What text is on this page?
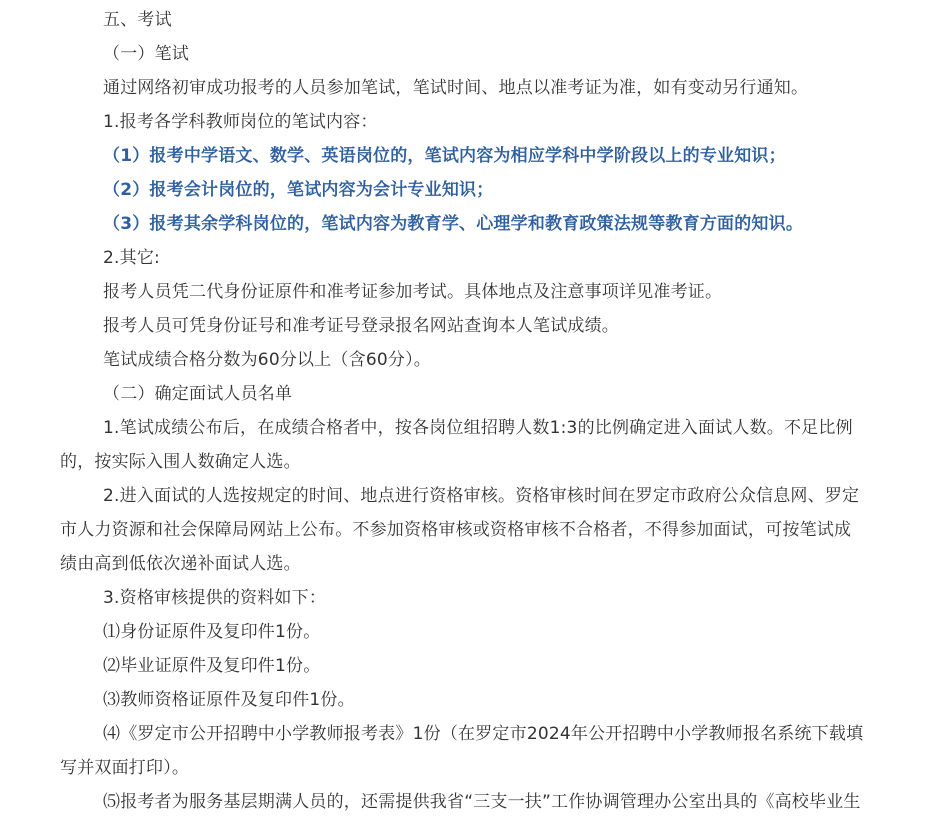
五、考试

（一）笔试

通过网络初审成功报考的人员参加笔试，笔试时间、地点以准考证为准，如有变动另行通知。

1.报考各学科教师岗位的笔试内容：

（1）报考中学语文、数学、英语岗位的，笔试内容为相应学科中学阶段以上的专业知识；

（2）报考会计岗位的，笔试内容为会计专业知识；

（3）报考其余学科岗位的，笔试内容为教育学、心理学和教育政策法规等教育方面的知识。

2.其它:

报考人员凭二代身份证原件和准考证参加考试。具体地点及注意事项详见准考证。

报考人员可凭身份证号和准考证号登录报名网站查询本人笔试成绩。

笔试成绩合格分数为60分以上（含60分）。

（二）确定面试人员名单

1.笔试成绩公布后，在成绩合格者中，按各岗位组招聘人数1:3的比例确定进入面试人数。不足比例

的，按实际入围人数确定人选。

2.进入面试的人选按规定的时间、地点进行资格审核。资格审核时间在罗定市政府公众信息网、罗定

市人力资源和社会保障局网站上公布。不参加资格审核或资格审核不合格者，不得参加面试，可按笔试成

绩由高到低依次递补面试人选。

3.资格审核提供的资料如下：

⑴身份证原件及复印件1份。

⑵毕业证原件及复印件1份。

⑶教师资格证原件及复印件1份。

⑷《罗定市公开招聘中小学教师报考表》1份（在罗定市2024年公开招聘中小学教师报名系统下载填

写并双面打印）。

⑸报考者为服务基层期满人员的，还需提供我省“三支一扶”工作协调管理办公室出具的《高校毕业生
